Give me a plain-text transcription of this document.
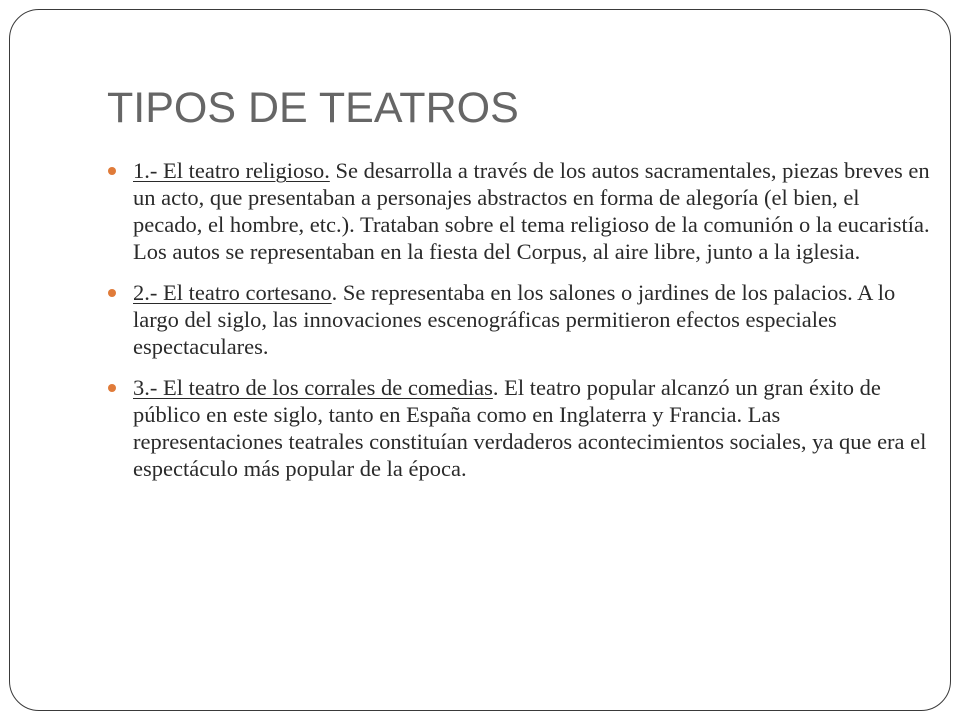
TIPOS DE TEATROS
1.- El teatro religioso. Se desarrolla a través de los autos sacramentales, piezas breves en un acto, que presentaban a personajes abstractos en forma de alegoría (el bien, el pecado, el hombre, etc.). Trataban sobre el tema religioso de la comunión o la eucaristía. Los autos se representaban en la fiesta del Corpus, al aire libre, junto a la iglesia.
2.- El teatro cortesano. Se representaba en los salones o jardines de los palacios. A lo largo del siglo, las innovaciones escenográficas permitieron efectos especiales espectaculares.
3.- El teatro de los corrales de comedias. El teatro popular alcanzó un gran éxito de público en este siglo, tanto en España como en Inglaterra y Francia. Las representaciones teatrales constituían verdaderos acontecimientos sociales, ya que era el espectáculo más popular de la época.
